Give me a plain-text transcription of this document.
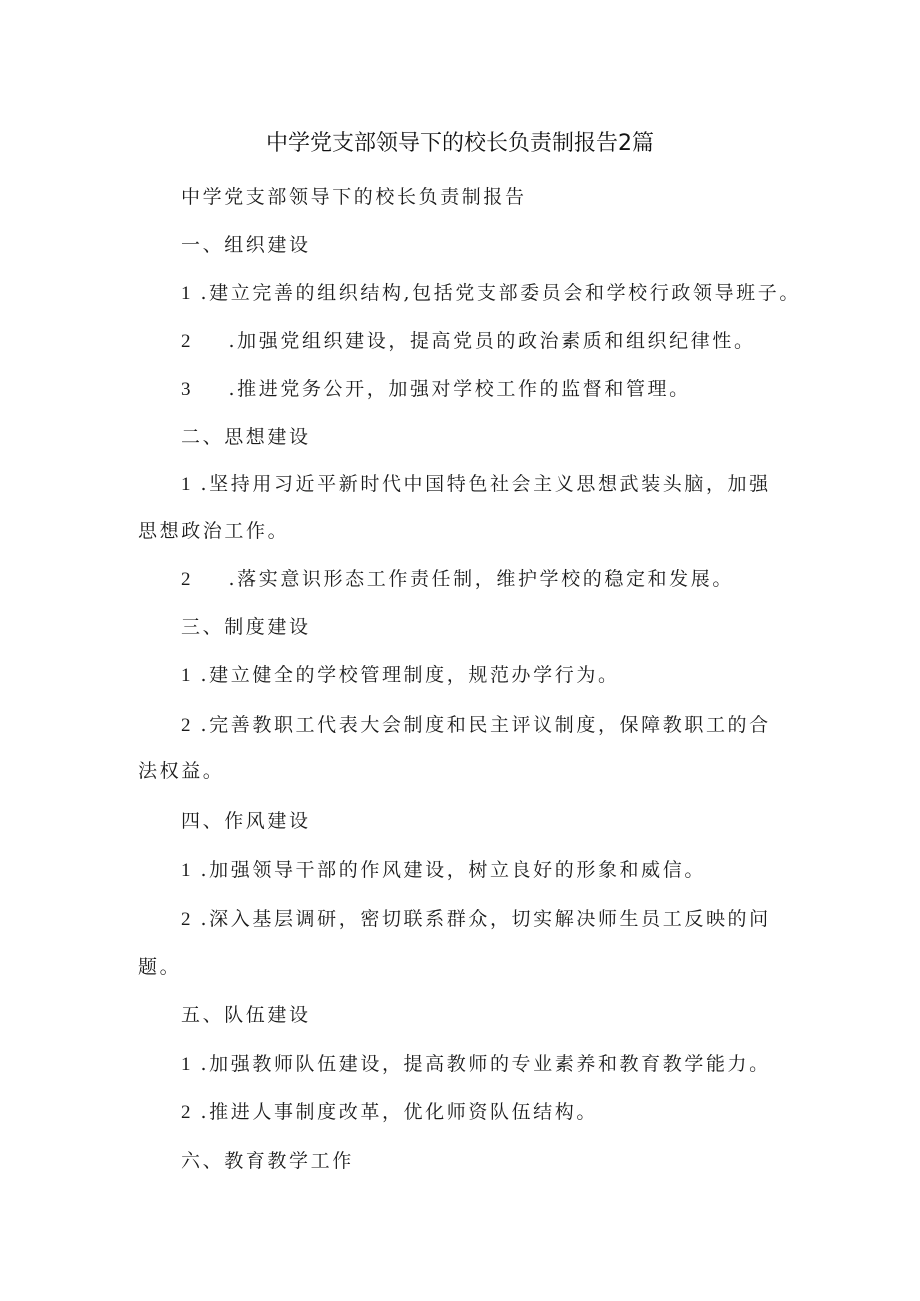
中学党支部领导下的校长负责制报告2篇
中学党支部领导下的校长负责制报告
一、组织建设
1 .建立完善的组织结构,包括党支部委员会和学校行政领导班子。
2 .加强党组织建设，提高党员的政治素质和组织纪律性。
3 .推进党务公开，加强对学校工作的监督和管理。
二、思想建设
1 .坚持用习近平新时代中国特色社会主义思想武装头脑，加强
思想政治工作。
2 .落实意识形态工作责任制，维护学校的稳定和发展。
三、制度建设
1 .建立健全的学校管理制度，规范办学行为。
2 .完善教职工代表大会制度和民主评议制度，保障教职工的合
法权益。
四、作风建设
1 .加强领导干部的作风建设，树立良好的形象和威信。
2 .深入基层调研，密切联系群众，切实解决师生员工反映的问
题。
五、队伍建设
1 .加强教师队伍建设，提高教师的专业素养和教育教学能力。
2 .推进人事制度改革，优化师资队伍结构。
六、教育教学工作
